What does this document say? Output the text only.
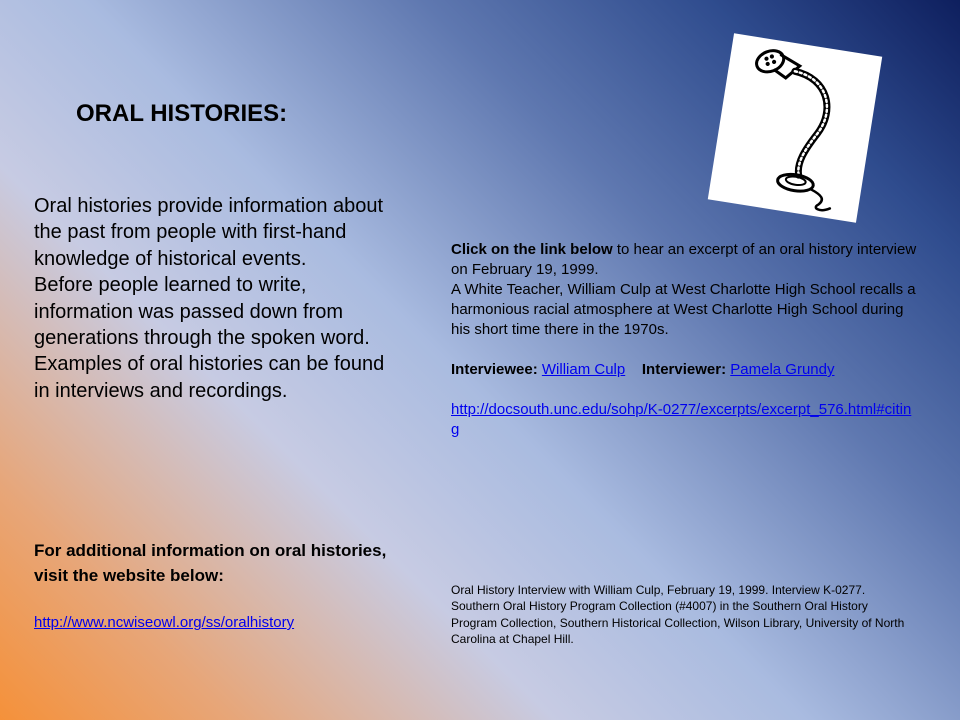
ORAL HISTORIES:

Oral histories provide information about the past from people with first-hand knowledge of historical events.

Before people learned to write, information was passed down from generations through the spoken word. Examples of oral histories can be found in interviews and recordings.

For additional information on oral histories, visit the website below:
http://www.ncwiseowl.org/ss/oralhistory

Click on the link below to hear an excerpt of an oral history interview on February 19, 1999.

A White Teacher, William Culp at West Charlotte High School recalls a harmonious racial atmosphere at West Charlotte High School during his short time there in the 1970s.

Interviewee: William Culp Interviewer: Pamela Grundy

http://docsouth.unc.edu/sohp/K-0277/excerpts/excerpt_576.html#citing

Oral History Interview with William Culp, February 19, 1999. Interview K-0277. Southern Oral History Program Collection (#4007) in the Southern Oral History Program Collection, Southern Historical Collection, Wilson Library, University of North Carolina at Chapel Hill.
